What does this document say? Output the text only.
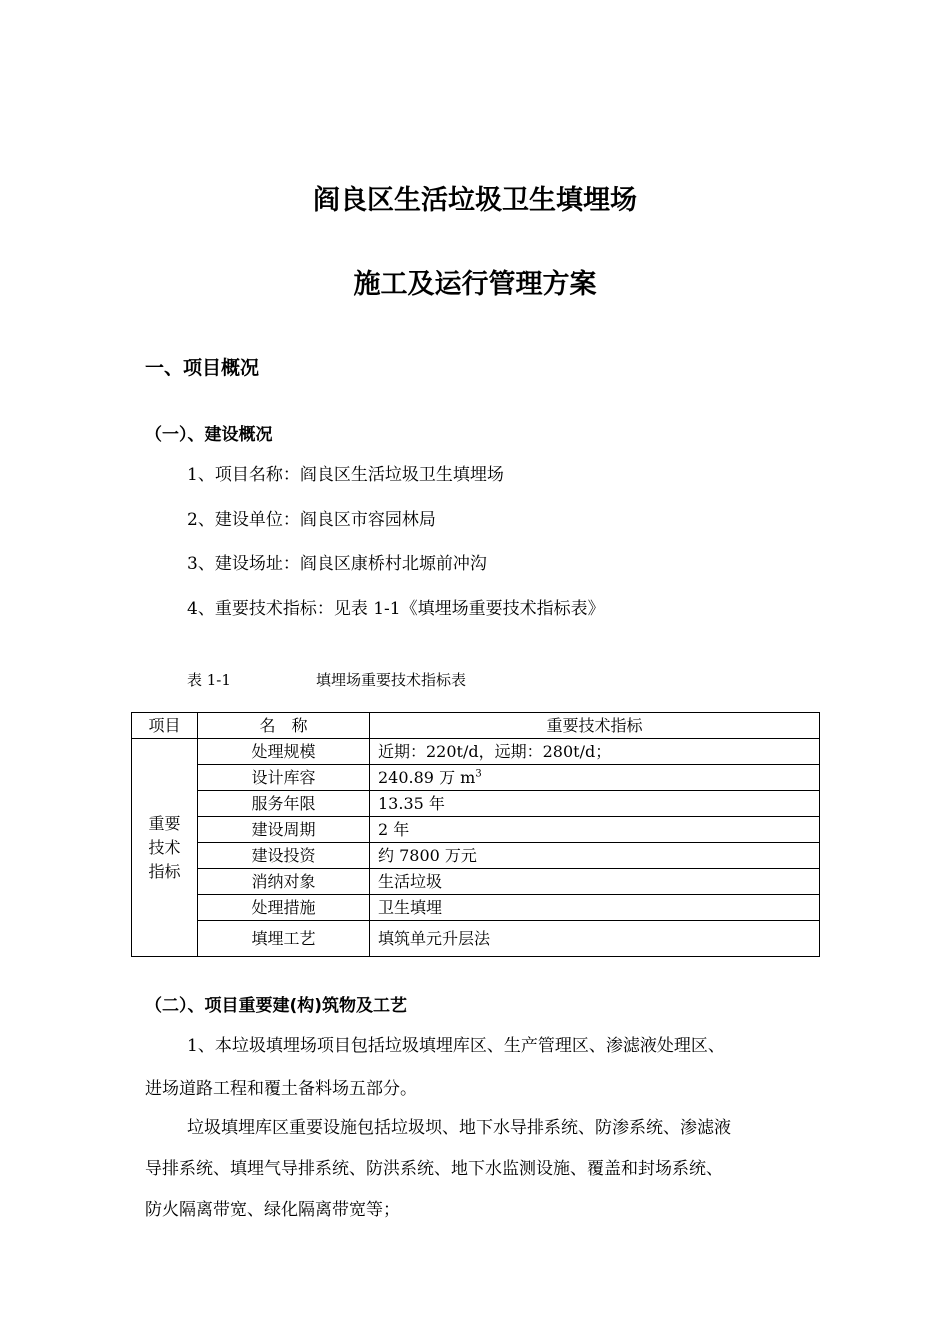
阎良区生活垃圾卫生填埋场
施工及运行管理方案
一、项目概况
（一）、建设概况
1、项目名称：阎良区生活垃圾卫生填埋场
2、建设单位：阎良区市容园林局
3、建设场址：阎良区康桥村北塬前冲沟
4、重要技术指标：见表 1-1《填埋场重要技术指标表》
表 1-1	填埋场重要技术指标表
项目	名　称	重要技术指标

重要
技术
指标	处理规模	近期：220t/d，远期：280t/d；
	设计库容	240.89 万 $m^3$
	服务年限	13.35 年
	建设周期	2 年
	建设投资	约 7800 万元
	消纳对象	生活垃圾
	处理措施	卫生填埋
	填埋工艺	填筑单元升层法
（二）、项目重要建(构)筑物及工艺
1、本垃圾填埋场项目包括垃圾填埋库区、生产管理区、渗滤液处理区、
进场道路工程和覆土备料场五部分。
垃圾填埋库区重要设施包括垃圾坝、地下水导排系统、防渗系统、渗滤液
导排系统、填埋气导排系统、防洪系统、地下水监测设施、覆盖和封场系统、
防火隔离带宽、绿化隔离带宽等；
